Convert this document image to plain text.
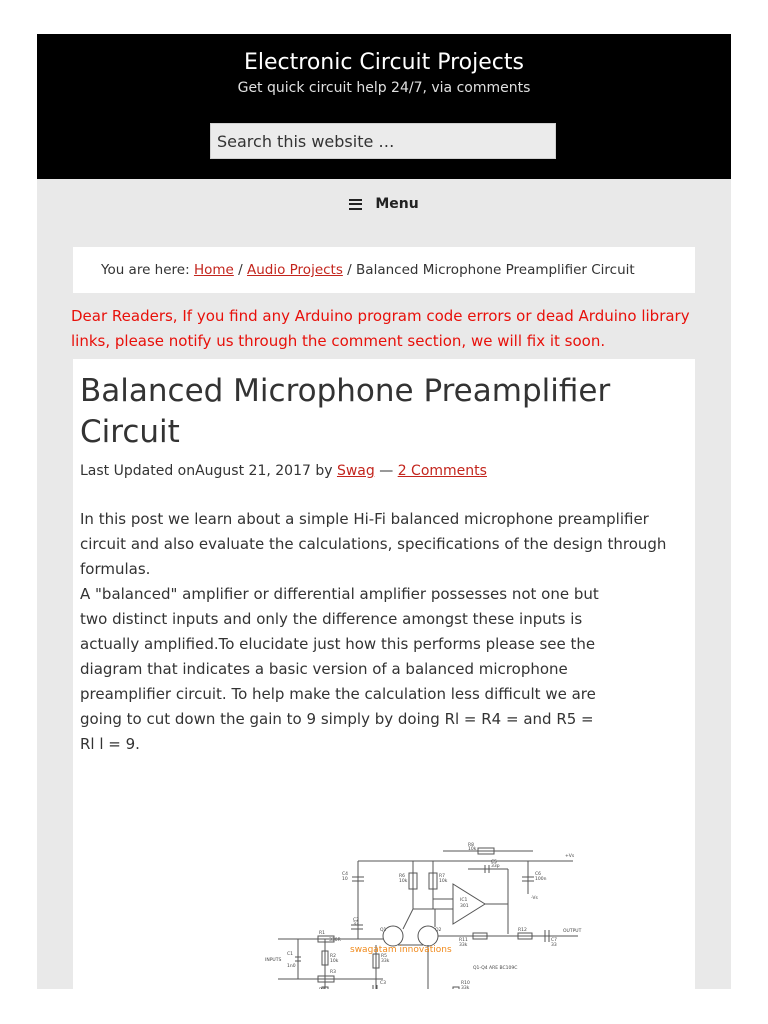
Electronic Circuit Projects
Get quick circuit help 24/7, via comments
Search this website …
Menu
You are here: Home / Audio Projects / Balanced Microphone Preamplifier Circuit
Dear Readers, If you find any Arduino program code errors or dead Arduino library links, please notify us through the comment section, we will fix it soon.
Balanced Microphone Preamplifier Circuit
Last Updated onAugust 21, 2017 by Swag — 2 Comments

In this post we learn about a simple Hi-Fi balanced microphone preamplifier circuit and also evaluate the calculations, specifications of the design through formulas.

A "balanced" amplifier or differential amplifier possesses not one but two distinct inputs and only the difference amongst these inputs is actually amplified.To elucidate just how this performs please see the diagram that indicates a basic version of a balanced microphone preamplifier circuit. To help make the calculation less difficult we are going to cut down the gain to 9 simply by doing Rl = R4 = and R5 = Rl l = 9.

R8
10k
C5
33p
C4
10
R6
10k
R7
10k
C6
100n
+Vs
-Vs
IC1
301
C2
33
Q1	Q2	OUTPUT
INPUTS
R1
330R
R2
10k
R3
R4
330R
R5
33k
C1
1n0
C3
R11
33k
R12
C7
33
Q1-Q4 ARE BC109C
R10
33k
Q3
swagatam innovations
